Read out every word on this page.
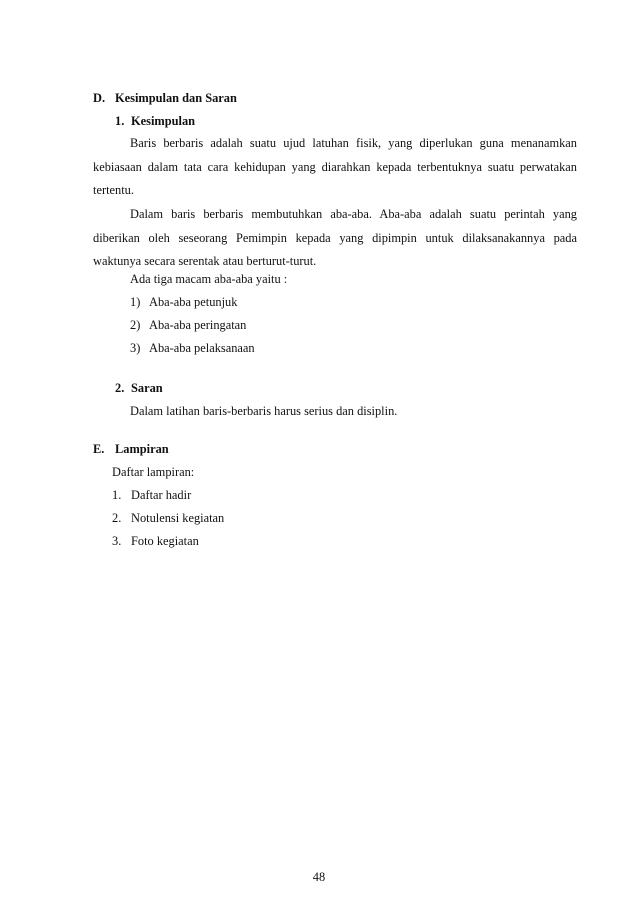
D. Kesimpulan dan Saran
1. Kesimpulan

Baris berbaris adalah suatu ujud latuhan fisik, yang diperlukan guna menanamkan kebiasaan dalam tata cara kehidupan yang diarahkan kepada terbentuknya suatu perwatakan tertentu.

Dalam baris berbaris membutuhkan aba-aba. Aba-aba adalah suatu perintah yang diberikan oleh seseorang Pemimpin kepada yang dipimpin untuk dilaksanakannya pada waktunya secara serentak atau berturut-turut.

Ada tiga macam aba-aba yaitu :
1) Aba-aba petunjuk
2) Aba-aba peringatan
3) Aba-aba pelaksanaan
2. Saran
Dalam latihan baris-berbaris harus serius dan disiplin.
E. Lampiran
Daftar lampiran:
1. Daftar hadir
2. Notulensi kegiatan
3. Foto kegiatan
48
